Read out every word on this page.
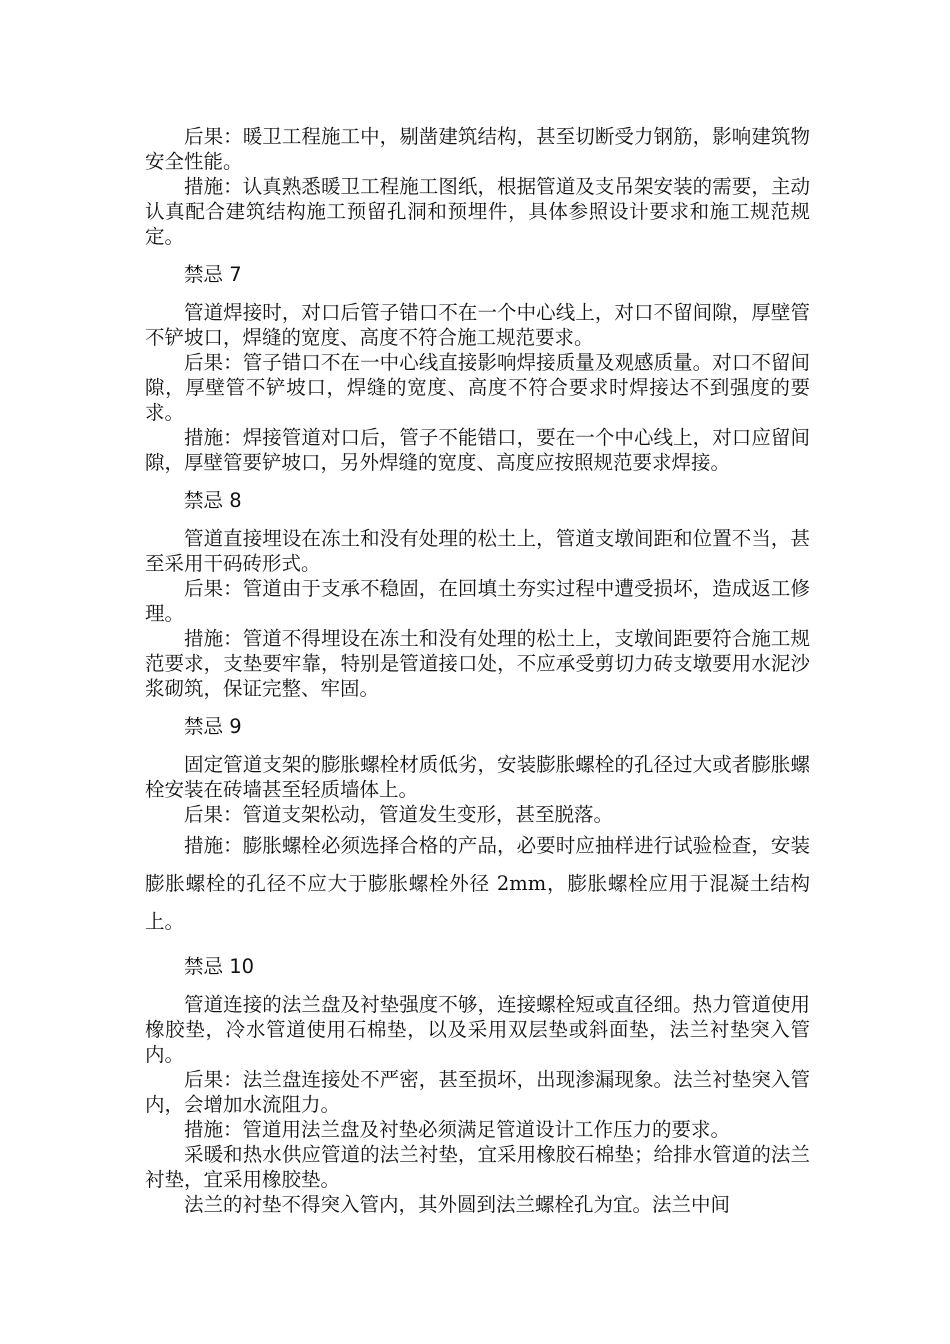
后果：暖卫工程施工中，剔凿建筑结构，甚至切断受力钢筋，影响建筑物安全性能。

措施：认真熟悉暖卫工程施工图纸，根据管道及支吊架安装的需要，主动认真配合建筑结构施工预留孔洞和预埋件，具体参照设计要求和施工规范规定。

禁忌 7

管道焊接时，对口后管子错口不在一个中心线上，对口不留间隙，厚壁管不铲坡口，焊缝的宽度、高度不符合施工规范要求。

后果：管子错口不在一中心线直接影响焊接质量及观感质量。对口不留间隙，厚壁管不铲坡口，焊缝的宽度、高度不符合要求时焊接达不到强度的要求。

措施：焊接管道对口后，管子不能错口，要在一个中心线上，对口应留间隙，厚壁管要铲坡口，另外焊缝的宽度、高度应按照规范要求焊接。

禁忌 8

管道直接埋设在冻土和没有处理的松土上，管道支墩间距和位置不当，甚至采用干码砖形式。

后果：管道由于支承不稳固，在回填土夯实过程中遭受损坏，造成返工修理。

措施：管道不得埋设在冻土和没有处理的松土上，支墩间距要符合施工规范要求，支垫要牢靠，特别是管道接口处，不应承受剪切力砖支墩要用水泥沙浆砌筑，保证完整、牢固。

禁忌 9

固定管道支架的膨胀螺栓材质低劣，安装膨胀螺栓的孔径过大或者膨胀螺栓安装在砖墙甚至轻质墙体上。

后果：管道支架松动，管道发生变形，甚至脱落。

措施：膨胀螺栓必须选择合格的产品，必要时应抽样进行试验检查，安装膨胀螺栓的孔径不应大于膨胀螺栓外径 2mm，膨胀螺栓应用于混凝土结构上。

禁忌 10

管道连接的法兰盘及衬垫强度不够，连接螺栓短或直径细。热力管道使用橡胶垫，冷水管道使用石棉垫，以及采用双层垫或斜面垫，法兰衬垫突入管内。

后果：法兰盘连接处不严密，甚至损坏，出现渗漏现象。法兰衬垫突入管内，会增加水流阻力。

措施：管道用法兰盘及衬垫必须满足管道设计工作压力的要求。

采暖和热水供应管道的法兰衬垫，宜采用橡胶石棉垫；给排水管道的法兰衬垫，宜采用橡胶垫。

法兰的衬垫不得突入管内，其外圆到法兰螺栓孔为宜。法兰中间
